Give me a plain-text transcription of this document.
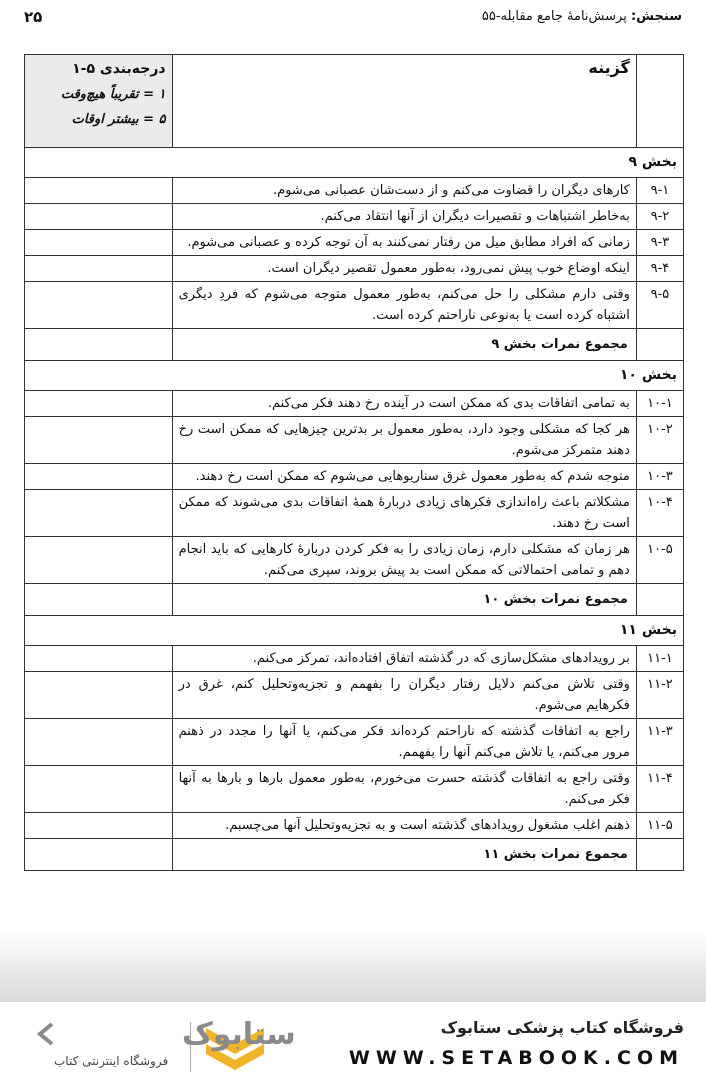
سنجش: پرسش‌نامهٔ جامع مقابله-۵۵
۲۵
	گزینه	درجه‌بندی ۵-۱
۱ = تقریباً هیچ‌وقت
۵ = بیشتر اوقات

بخش ۹		
۹-۱	کارهای دیگران را قضاوت می‌کنم و از دست‌شان عصبانی می‌شوم.	
۹-۲	به‌خاطر اشتباهات و تقصیرات دیگران از آنها انتقاد می‌کنم.	
۹-۳	زمانی که افراد مطابق میل من رفتار نمی‌کنند به آن توجه کرده و عصبانی می‌شوم.	
۹-۴	اینکه اوضاع خوب پیش نمی‌رود، به‌طور معمول تقصیر دیگران است.	
۹-۵	وقتی دارم مشکلی را حل می‌کنم، به‌طور معمول متوجه می‌شوم که فردِ دیگری اشتباه کرده است یا به‌نوعی ناراحتم کرده است.	
	مجموع نمرات بخش ۹	
بخش ۱۰		
۱۰-۱	به تمامی اتفاقات بدی که ممکن است در آینده رخ دهند فکر می‌کنم.	
۱۰-۲	هر کجا که مشکلی وجود دارد، به‌طور معمول بر بدترین چیزهایی که ممکن است رخ دهند متمرکز می‌شوم.	
۱۰-۳	متوجه شدم که به‌طور معمول غرق سناریوهایی می‌شوم که ممکن است رخ دهند.	
۱۰-۴	مشکلاتم باعث راه‌اندازی فکرهای زیادی دربارهٔ همهٔ اتفاقات بدی می‌شوند که ممکن است رخ دهند.	
۱۰-۵	هر زمان که مشکلی دارم، زمان زیادی را به فکر کردن دربارهٔ کارهایی که باید انجام دهم و تمامی احتمالاتی که ممکن است بد پیش بروند، سپری می‌کنم.	
	مجموع نمرات بخش ۱۰	
بخش ۱۱		
۱۱-۱	بر رویدادهای مشکل‌سازی که در گذشته اتفاق افتاده‌اند، تمرکز می‌کنم.	
۱۱-۲	وقتی تلاش می‌کنم دلایل رفتار دیگران را بفهمم و تجزیه‌وتحلیل کنم، غرق در فکرهایم می‌شوم.	
۱۱-۳	راجع به اتفاقات گذشته که ناراحتم کرده‌اند فکر می‌کنم، یا آنها را مجدد در ذهنم مرور می‌کنم، یا تلاش می‌کنم آنها را بفهمم.	
۱۱-۴	وقتی راجع به اتفاقات گذشته حسرت می‌خورم، به‌طور معمول بارها و بارها به آنها فکر می‌کنم.	
۱۱-۵	ذهنم اغلب مشغول رویدادهای گذشته است و به تجزیه‌وتحلیل آنها می‌چسبم.	
	مجموع نمرات بخش ۱۱	
فروشگاه کتاب پزشکی ستابوک
WWW.SETABOOK.COM
ستابوک
فروشگاه اینترنتی کتاب
